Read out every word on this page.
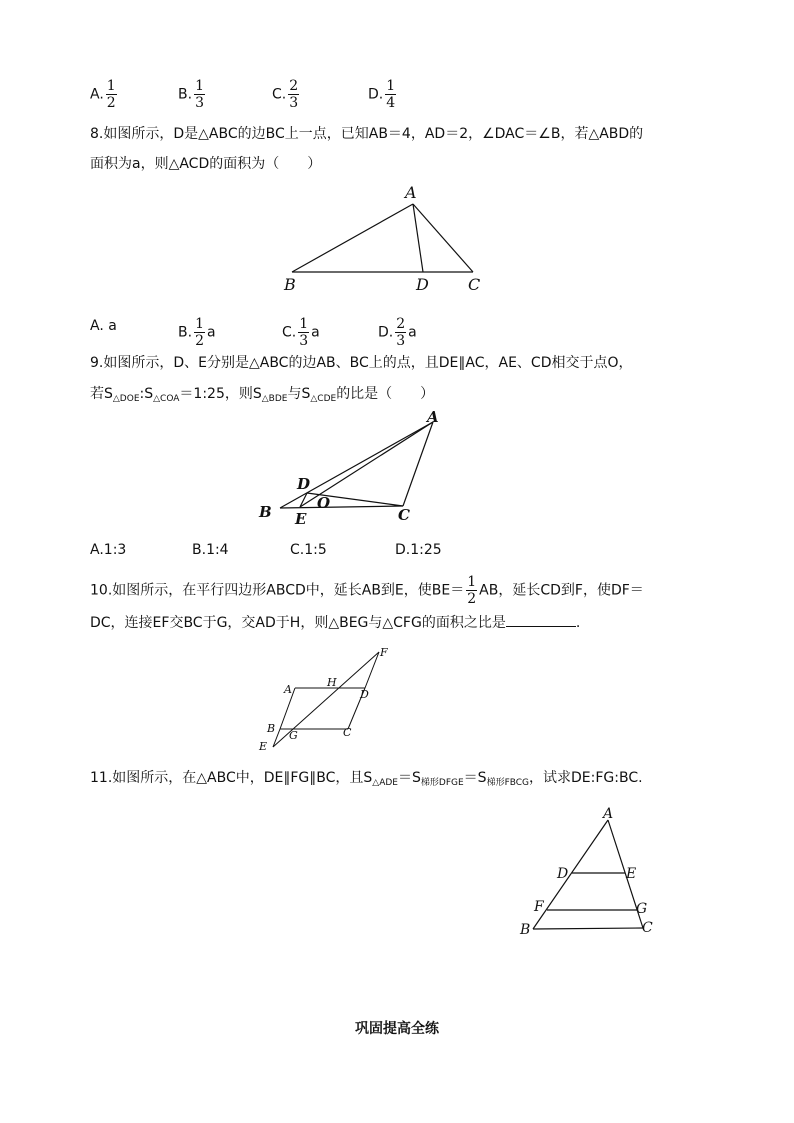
A. $\frac{1}{2}$	B. $\frac{1}{3}$	C. $\frac{2}{3}$	D. $\frac{1}{4}$
8.如图所示，D是△ABC的边BC上一点，已知AB＝4，AD＝2，∠DAC＝∠B，若△ABD的
面积为a，则△ACD的面积为（　　）
A
B	D C
A. a	B. $\frac{1}{2}$ a	C. $\frac{1}{3}$ a	D. $\frac{2}{3}$ a
9.如图所示，D、E分别是△ABC的边AB、BC上的点，且DE∥AC，AE、CD相交于点O，
若$S_{\triangle DOE}:S_{\triangle COA}=1:25$，则$S_{\triangle BDE}$与$S_{\triangle CDE}$的比是（　　）
A
B
D
O
E	C
A.1:3	B.1:4	C.1:5	D.1:25
10.如图所示，在平行四边形ABCD中，延长AB到E，使$BE= \frac{1}{2}$ AB，延长CD到F，使DF＝
DC，连接EF交BC于G，交AD于H，则△BEG与△CFG的面积之比是	.
A
H
D
F
B
G	C
E
11.如图所示，在△ABC中，DE∥FG∥BC，且$S_{\triangle ADE}=S_{梯形DFGE}=S_{梯形FBCG}$，试求DE:FG:BC.
A
D	E
F	G
B	C
巩固提高全练
